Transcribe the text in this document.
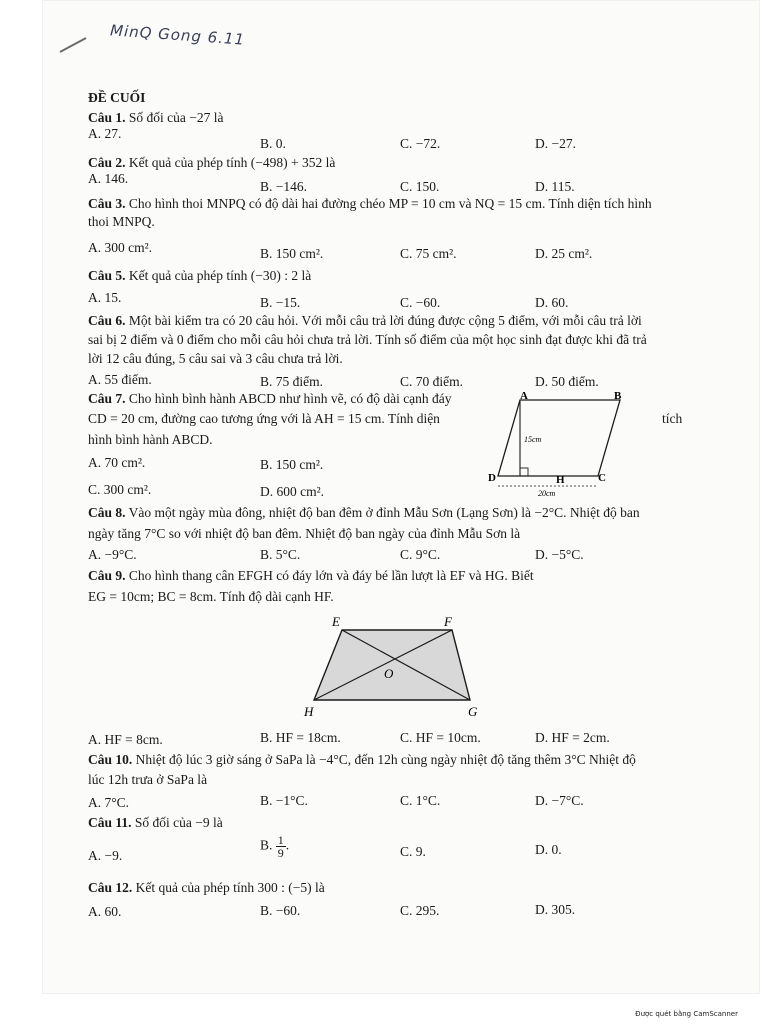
MinQ Gong 6.11
ĐỀ CUỐI
Câu 1. Số đối của −27 là
A. 27.
B. 0.	C. −72.	D. −27.
Câu 2. Kết quả của phép tính (−498) + 352 là
A. 146.
B. −146.	C. 150.	D. 115.
Câu 3. Cho hình thoi MNPQ có độ dài hai đường chéo MP = 10 cm và NQ = 15 cm. Tính diện tích hình
thoi MNPQ.
A. 300 cm².	B. 150 cm².	C. 75 cm².	D. 25 cm².
Câu 5. Kết quả của phép tính (−30) : 2 là
A. 15.	B. −15.	C. −60.	D. 60.
Câu 6. Một bài kiểm tra có 20 câu hỏi. Với mỗi câu trả lời đúng được cộng 5 điểm, với mỗi câu trả lời
sai bị 2 điểm và 0 điểm cho mỗi câu hỏi chưa trả lời. Tính số điểm của một học sinh đạt được khi đã trả
lời 12 câu đúng, 5 câu sai và 3 câu chưa trả lời.
A. 55 điểm.	B. 75 điểm.	C. 70 điểm.	D. 50 điểm.
Câu 7. Cho hình bình hành ABCD như hình vẽ, có độ dài cạnh đáy
CD = 20 cm, đường cao tương ứng với là AH = 15 cm. Tính diện	tích
hình bình hành ABCD.
A. 70 cm².	B. 150 cm².
C. 300 cm².	D. 600 cm².
A	B
C
D	H
15cm
20cm
Câu 8. Vào một ngày mùa đông, nhiệt độ ban đêm ở đỉnh Mẫu Sơn (Lạng Sơn) là −2°C. Nhiệt độ ban
ngày tăng 7°C so với nhiệt độ ban đêm. Nhiệt độ ban ngày của đỉnh Mẫu Sơn là
A. −9°C.	B. 5°C.	C. 9°C.	D. −5°C.
Câu 9. Cho hình thang cân EFGH có đáy lớn và đáy bé lần lượt là EF và HG. Biết
EG = 10cm; BC = 8cm. Tính độ dài cạnh HF.
E	F
G
H
O
A. HF = 8cm.	B. HF = 18cm.	C. HF = 10cm.	D. HF = 2cm.
Câu 10. Nhiệt độ lúc 3 giờ sáng ở SaPa là −4°C, đến 12h cùng ngày nhiệt độ tăng thêm 3°C Nhiệt độ
lúc 12h trưa ở SaPa là
A. 7°C.	B. −1°C.	C. 1°C.	D. −7°C.
Câu 11. Số đối của −9 là
A. −9.
B. $\frac{1}{9}$ .	C. 9.	D. 0.
Câu 12. Kết quả của phép tính 300 : (−5) là
A. 60.	B. −60.	C. 295.	D. 305.
Được quét bằng CamScanner
